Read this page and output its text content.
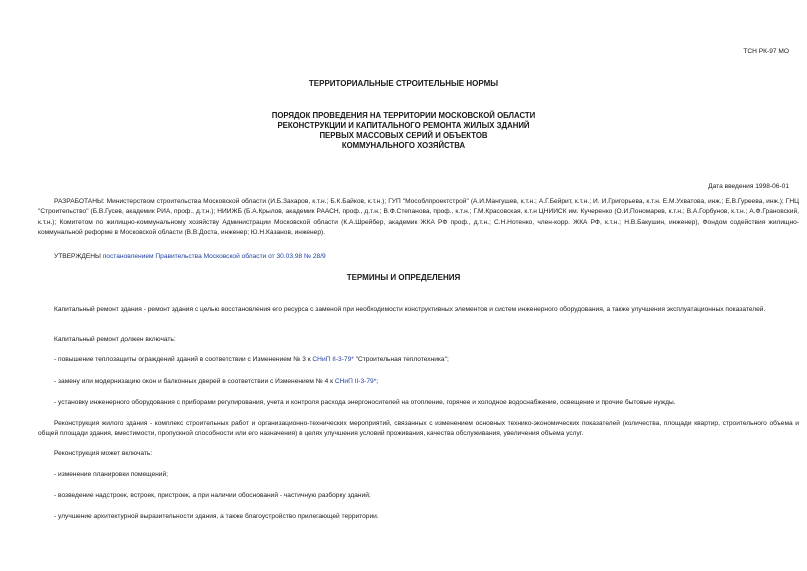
ТСН РК-97 МО
ТЕРРИТОРИАЛЬНЫЕ СТРОИТЕЛЬНЫЕ НОРМЫ
ПОРЯДОК ПРОВЕДЕНИЯ НА ТЕРРИТОРИИ МОСКОВСКОЙ ОБЛАСТИ
РЕКОНСТРУКЦИИ И КАПИТАЛЬНОГО РЕМОНТА ЖИЛЫХ ЗДАНИЙ
ПЕРВЫХ МАССОВЫХ СЕРИЙ И ОБЪЕКТОВ
КОММУНАЛЬНОГО ХОЗЯЙСТВА
Дата введения 1998-06-01
РАЗРАБОТАНЫ: Министерством строительства Московской области (И.Б.Захаров, к.т.н.; Б.К.Байков, к.т.н.); ГУП "Мособлпроектстрой" (А.И.Мангушев, к.т.н.; А.Г.Бейрит, к.т.н.; И. И.Григорьева, к.т.н. Е.М.Ухватова, инж.; Е.В.Гуреева, инж.); ГНЦ "Строительство" (Б.В.Гусев, академик РИА, проф., д.т.н.); НИИЖБ (Б.А.Крылов, академик РААСН, проф., д.т.н.; В.Ф.Степанова, проф., к.т.н.; Г.М.Красовская, к.т.н ЦНИИСК им. Кучеренко (О.И.Пономарев, к.т.н.; В.А.Горбунов, к.т.н.; А.Ф.Грановский, к.т.н.); Комитетом по жилищно-коммунальному хозяйству Администрации Московской области (К.А.Шрейбер, академик ЖКА РФ проф., д.т.н.; С.Н.Нотенко, член-корр. ЖКА РФ, к.т.н.; Н.В.Бакушин, инженер), Фондом содействия жилищно-коммунальной реформе в Московской области (В.В.Доста, инженер; Ю.Н.Казанов, инженер).
УТВЕРЖДЕНЫ постановлением Правительства Московской области от 30.03.98 № 28/9
ТЕРМИНЫ И ОПРЕДЕЛЕНИЯ
Капитальный ремонт здания - ремонт здания с целью восстановления его ресурса с заменой при необходимости конструктивных элементов и систем инженерного оборудования, а также улучшения эксплуатационных показателей.
Капитальный ремонт должен включать:
- повышение теплозащиты ограждений зданий в соответствии с Изменением № 3 к СНиП II-3-79* "Строительная теплотехника";
- замену или модернизацию окон и балконных дверей в соответствии с Изменением № 4 к СНиП II-3-79*;
- установку инженерного оборудования с приборами регулирования, учета и контроля расхода энергоносителей на отопление, горячее и холодное водоснабжение, освещение и прочие бытовые нужды.
Реконструкция жилого здания - комплекс строительных работ и организационно-технических мероприятий, связанных с изменением основных технико-экономических показателей (количества, площади квартир, строительного объема и общей площади здания, вместимости, пропускной способности или его назначения) в целях улучшения условий проживания, качества обслуживания, увеличения объема услуг.
Реконструкция может включать:
- изменение планировки помещений;
- возведение надстроек, встроек, пристроек, а при наличии обоснований - частичную разборку зданий;
- улучшение архитектурной выразительности здания, а также благоустройство прилегающей территории.
